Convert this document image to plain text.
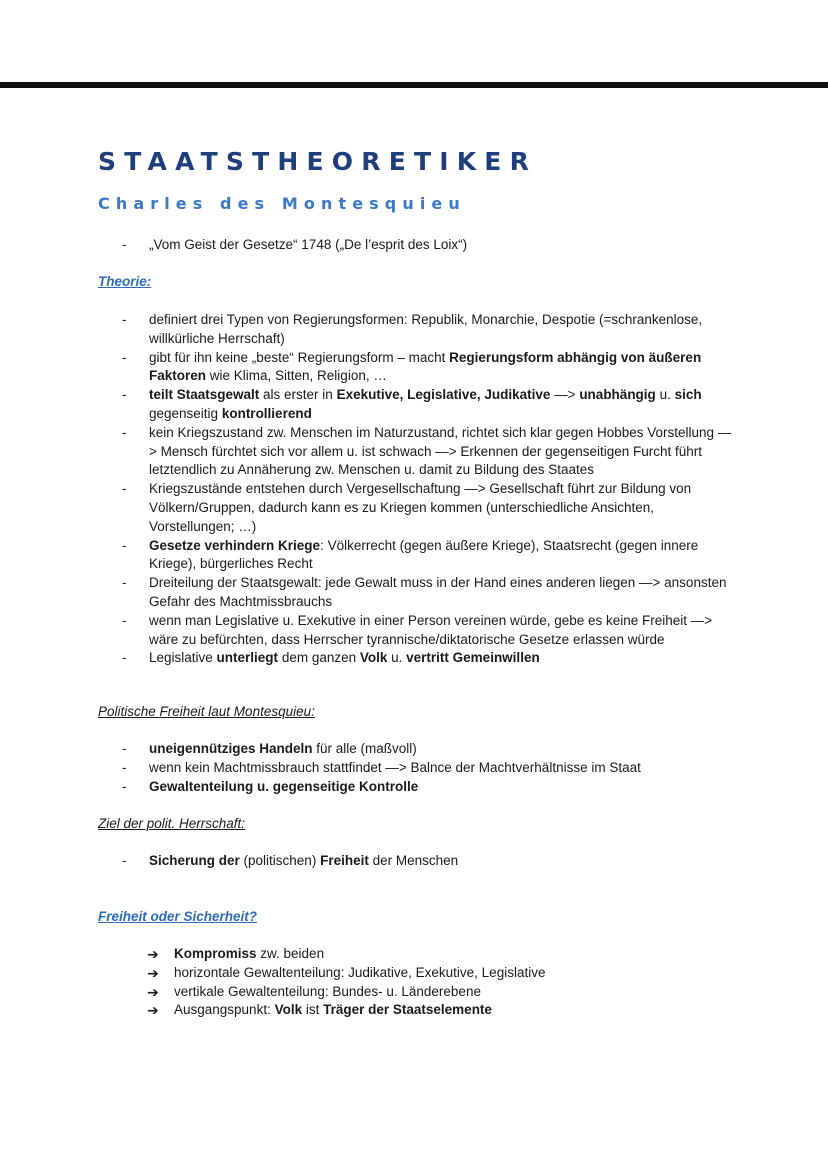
STAATSTHEORETIKER
Charles des Montesquieu
- „Vom Geist der Gesetze“ 1748 („De l’esprit des Loix“)

Theorie:

- definiert drei Typen von Regierungsformen: Republik, Monarchie, Despotie (=schrankenlose, willkürliche Herrschaft)
- gibt für ihn keine „beste“ Regierungsform – macht Regierungsform abhängig von äußeren Faktoren wie Klima, Sitten, Religion, …
- teilt Staatsgewalt als erster in Exekutive, Legislative, Judikative —> unabhängig u. sich gegenseitig kontrollierend
- kein Kriegszustand zw. Menschen im Naturzustand, richtet sich klar gegen Hobbes Vorstellung —> Mensch fürchtet sich vor allem u. ist schwach —> Erkennen der gegenseitigen Furcht führt letztendlich zu Annäherung zw. Menschen u. damit zu Bildung des Staates
- Kriegszustände entstehen durch Vergesellschaftung —> Gesellschaft führt zur Bildung von Völkern/Gruppen, dadurch kann es zu Kriegen kommen (unterschiedliche Ansichten, Vorstellungen; …)
- Gesetze verhindern Kriege: Völkerrecht (gegen äußere Kriege), Staatsrecht (gegen innere Kriege), bürgerliches Recht
- Dreiteilung der Staatsgewalt: jede Gewalt muss in der Hand eines anderen liegen —> ansonsten Gefahr des Machtmissbrauchs
- wenn man Legislative u. Exekutive in einer Person vereinen würde, gebe es keine Freiheit —> wäre zu befürchten, dass Herrscher tyrannische/diktatorische Gesetze erlassen würde
- Legislative unterliegt dem ganzen Volk u. vertritt Gemeinwillen

Politische Freiheit laut Montesquieu:

- uneigennütziges Handeln für alle (maßvoll)
- wenn kein Machtmissbrauch stattfindet —> Balnce der Machtverhältnisse im Staat
- Gewaltenteilung u. gegenseitige Kontrolle

Ziel der polit. Herrschaft:

- Sicherung der (politischen) Freiheit der Menschen

Freiheit oder Sicherheit?

➔ Kompromiss zw. beiden
➔ horizontale Gewaltenteilung: Judikative, Exekutive, Legislative
➔ vertikale Gewaltenteilung: Bundes- u. Länderebene
➔ Ausgangspunkt: Volk ist Träger der Staatselemente
